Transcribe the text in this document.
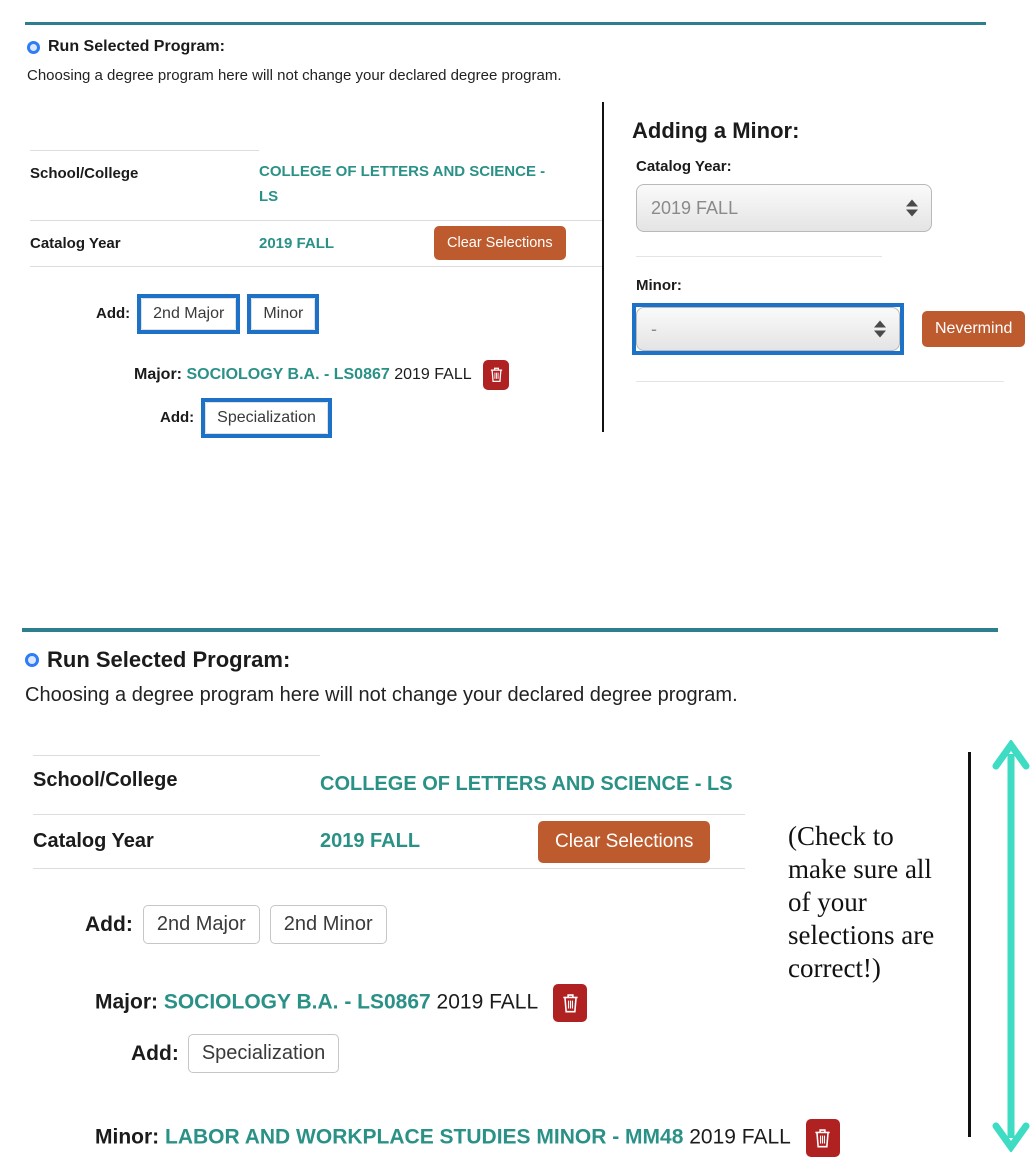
Run Selected Program:

Choosing a degree program here will not change your declared degree program.

School/College	COLLEGE OF LETTERS AND SCIENCE - LS
Catalog Year	2019 FALL	Clear Selections
Add:	2nd Major	Minor
Major: SOCIOLOGY B.A. - LS0867 2019 FALL
Add:	Specialization
Adding a Minor:
Catalog Year:
2019 FALL
Minor:
-	Nevermind
Run Selected Program:

Choosing a degree program here will not change your declared degree program.

School/College	COLLEGE OF LETTERS AND SCIENCE - LS
Catalog Year	2019 FALL	Clear Selections
Add:	2nd Major	2nd Minor
Major: SOCIOLOGY B.A. - LS0867 2019 FALL
Add:	Specialization
Minor: LABOR AND WORKPLACE STUDIES MINOR - MM48 2019 FALL
(Check to make sure all of your selections are correct!)
